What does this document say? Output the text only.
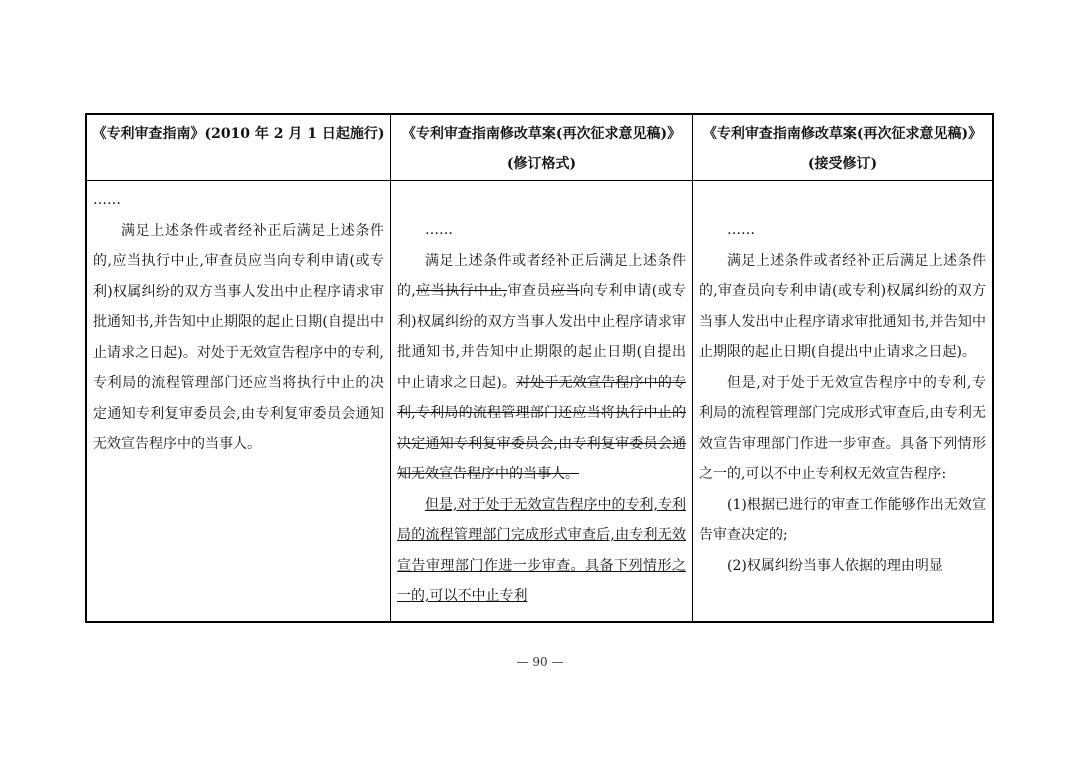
《专利审查指南》(2010 年 2 月 1 日起施行)	《专利审查指南修改草案(再次征求意见稿)》(修订格式)
《专利审查指南修改草案(再次征求意见稿)》(接受修订)

……

满足上述条件或者经补正后满足上述条件的,应当执行中止,审查员应当向专利申请(或专利)权属纠纷的双方当事人发出中止程序请求审批通知书,并告知中止期限的起止日期(自提出中止请求之日起)。对处于无效宣告程序中的专利,专利局的流程管理部门还应当将执行中止的决定通知专利复审委员会,由专利复审委员会通知无效宣告程序中的当事人。

……

满足上述条件或者经补正后满足上述条件的,应当执行中止,审查员应当向专利申请(或专利)权属纠纷的双方当事人发出中止程序请求审批通知书,并告知中止期限的起止日期(自提出中止请求之日起)。对处于无效宣告程序中的专利,专利局的流程管理部门还应当将执行中止的决定通知专利复审委员会,由专利复审委员会通知无效宣告程序中的当事人。

但是,对于处于无效宣告程序中的专利,专利局的流程管理部门完成形式审查后,由专利无效宣告审理部门作进一步审查。具备下列情形之一的,可以不中止专利

……

满足上述条件或者经补正后满足上述条件的,审查员向专利申请(或专利)权属纠纷的双方当事人发出中止程序请求审批通知书,并告知中止期限的起止日期(自提出中止请求之日起)。

但是,对于处于无效宣告程序中的专利,专利局的流程管理部门完成形式审查后,由专利无效宣告审理部门作进一步审查。具备下列情形之一的,可以不中止专利权无效宣告程序:

(1)根据已进行的审查工作能够作出无效宣告审查决定的;

(2)权属纠纷当事人依据的理由明显

— 90 —
